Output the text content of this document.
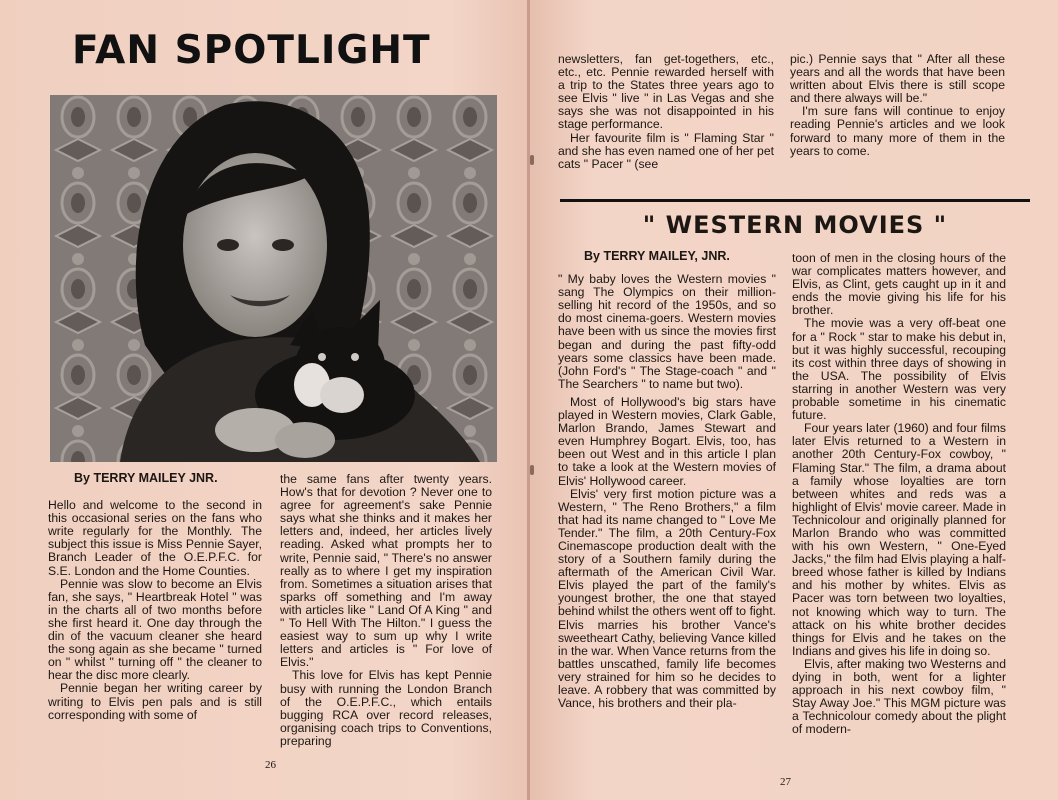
FAN SPOTLIGHT

By TERRY MAILEY JNR.

Hello and welcome to the second in this occasional series on the fans who write regularly for the Monthly. The subject this issue is Miss Pennie Sayer, Branch Leader of the O.E.P.F.C. for S.E. London and the Home Counties.

Pennie was slow to become an Elvis fan, she says, " Heartbreak Hotel " was in the charts all of two months before she first heard it. One day through the din of the vacuum cleaner she heard the song again as she became " turned on " whilst " turning off " the cleaner to hear the disc more clearly.

Pennie began her writing career by writing to Elvis pen pals and is still corresponding with some of

the same fans after twenty years. How's that for devotion ? Never one to agree for agreement's sake Pennie says what she thinks and it makes her letters and, indeed, her articles lively reading. Asked what prompts her to write, Pennie said, " There's no answer really as to where I get my inspiration from. Sometimes a situation arises that sparks off something and I'm away with articles like " Land Of A King " and " To Hell With The Hilton." I guess the easiest way to sum up why I write letters and articles is " For love of Elvis."

This love for Elvis has kept Pennie busy with running the London Branch of the O.E.P.F.C., which entails bugging RCA over record releases, organising coach trips to Conventions, preparing

26

newsletters, fan get-togethers, etc., etc., etc. Pennie rewarded herself with a trip to the States three years ago to see Elvis " live " in Las Vegas and she says she was not disappointed in his stage performance.

Her favourite film is " Flaming Star " and she has even named one of her pet cats " Pacer " (see

pic.) Pennie says that " After all these years and all the words that have been written about Elvis there is still scope and there always will be."

I'm sure fans will continue to enjoy reading Pennie's articles and we look forward to many more of them in the years to come.

" WESTERN MOVIES "

By TERRY MAILEY, JNR.

" My baby loves the Western movies " sang The Olympics on their million-selling hit record of the 1950s, and so do most cinema-goers. Western movies have been with us since the movies first began and during the past fifty-odd years some classics have been made. (John Ford's " The Stage-coach " and " The Searchers " to name but two).

Most of Hollywood's big stars have played in Western movies, Clark Gable, Marlon Brando, James Stewart and even Humphrey Bogart. Elvis, too, has been out West and in this article I plan to take a look at the Western movies of Elvis' Hollywood career.

Elvis' very first motion picture was a Western, " The Reno Brothers," a film that had its name changed to " Love Me Tender." The film, a 20th Century-Fox Cinemascope production dealt with the story of a Southern family during the aftermath of the American Civil War. Elvis played the part of the family's youngest brother, the one that stayed behind whilst the others went off to fight. Elvis marries his brother Vance's sweetheart Cathy, believing Vance killed in the war. When Vance returns from the battles unscathed, family life becomes very strained for him so he decides to leave. A robbery that was committed by Vance, his brothers and their pla-

toon of men in the closing hours of the war complicates matters however, and Elvis, as Clint, gets caught up in it and ends the movie giving his life for his brother.

The movie was a very off-beat one for a " Rock " star to make his debut in, but it was highly successful, recouping its cost within three days of showing in the USA. The possibility of Elvis starring in another Western was very probable sometime in his cinematic future.

Four years later (1960) and four films later Elvis returned to a Western in another 20th Century-Fox cowboy, " Flaming Star." The film, a drama about a family whose loyalties are torn between whites and reds was a highlight of Elvis' movie career. Made in Technicolour and originally planned for Marlon Brando who was committed with his own Western, " One-Eyed Jacks," the film had Elvis playing a half-breed whose father is killed by Indians and his mother by whites. Elvis as Pacer was torn between two loyalties, not knowing which way to turn. The attack on his white brother decides things for Elvis and he takes on the Indians and gives his life in doing so.

Elvis, after making two Westerns and dying in both, went for a lighter approach in his next cowboy film, " Stay Away Joe." This MGM picture was a Technicolour comedy about the plight of modern-

27
